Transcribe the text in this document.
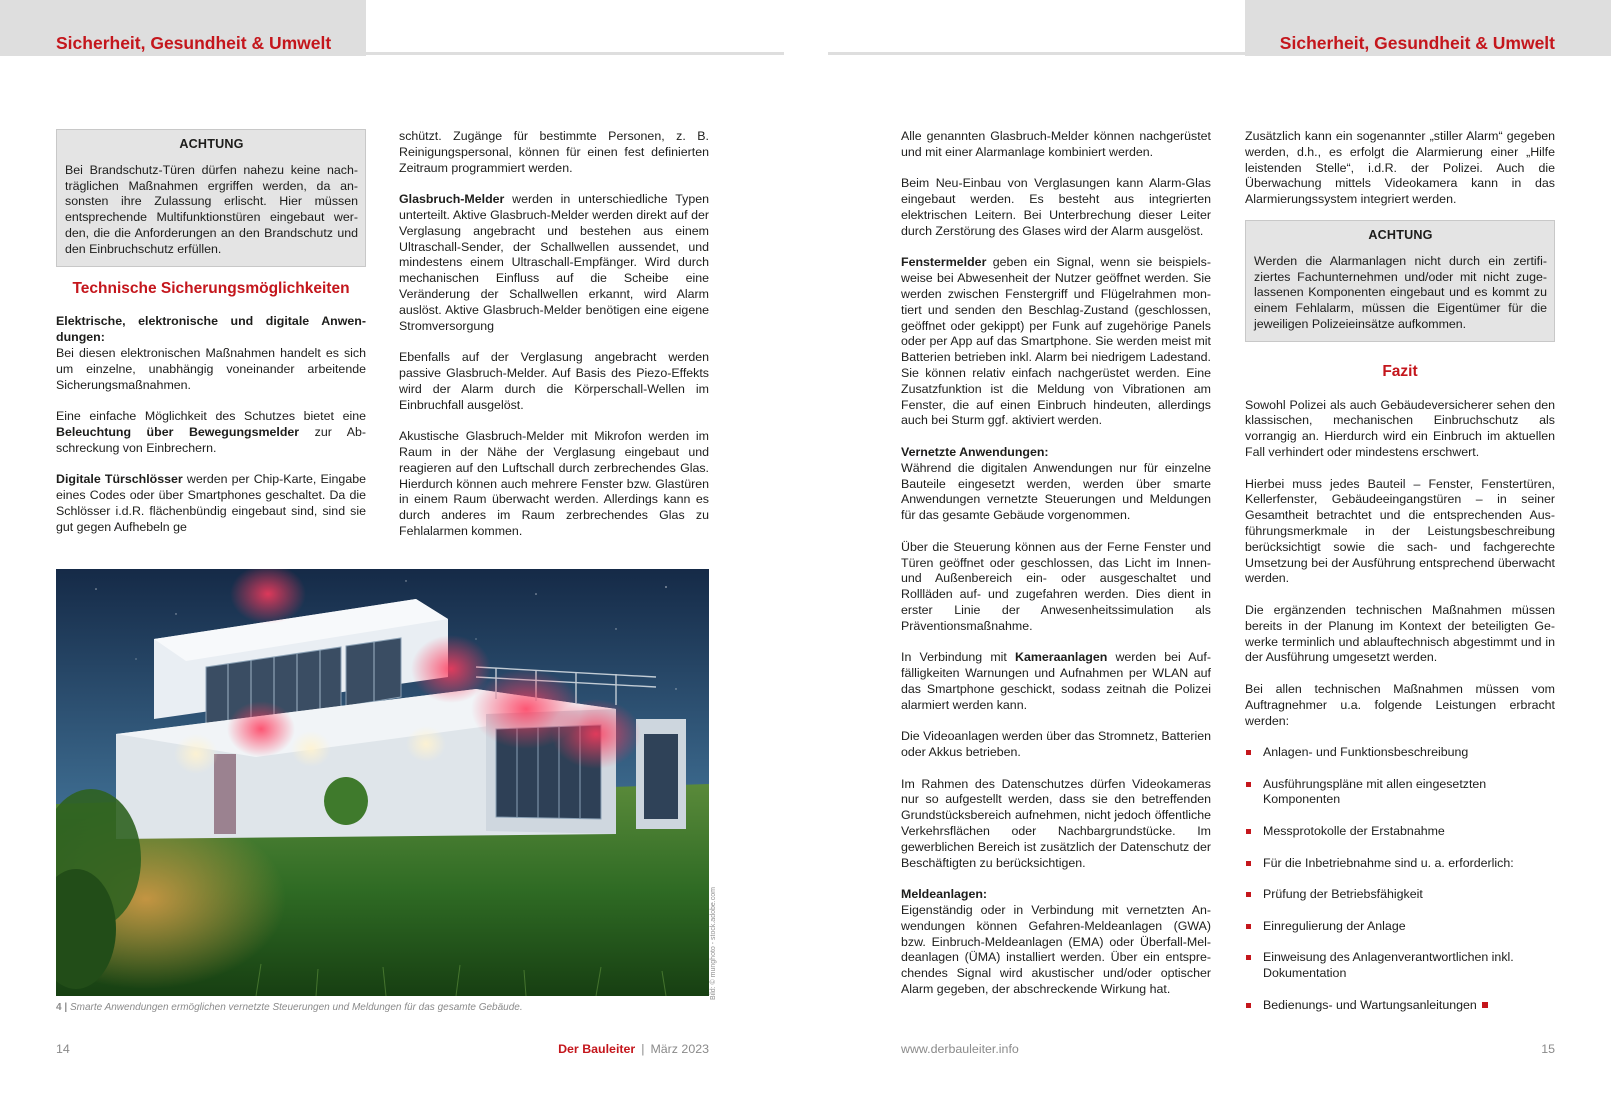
Sicherheit, Gesundheit & Umwelt
ACHTUNG
Bei Brandschutz-Türen dürfen nahezu keine nachträglichen Maßnahmen ergriffen werden, da ansonsten ihre Zulassung erlischt. Hier müssen entsprechende Multifunktionstüren eingebaut werden, die die Anforderungen an den Brandschutz und den Einbruchschutz erfüllen.
Technische Sicherungsmöglichkeiten

Elektrische, elektronische und digitale Anwendungen:
Bei diesen elektronischen Maßnahmen handelt es sich um einzelne, unabhängig voneinander arbeitende Sicherungsmaßnahmen.

Eine einfache Möglichkeit des Schutzes bietet eine Beleuchtung über Bewegungsmelder zur Abschreckung von Einbrechern.

Digitale Türschlösser werden per Chip-Karte, Eingabe eines Codes oder über Smartphones geschaltet. Da die Schlösser i.d.R. flächenbündig eingebaut sind, sind sie gut gegen Aufhebeln ge

schützt. Zugänge für bestimmte Personen, z. B. Reinigungspersonal, können für einen fest definierten Zeitraum programmiert werden.

Glasbruch-Melder werden in unterschiedliche Typen unterteilt. Aktive Glasbruch-Melder werden direkt auf der Verglasung angebracht und bestehen aus einem Ultraschall-Sender, der Schallwellen aussendet, und mindestens einem Ultraschall-Empfänger. Wird durch mechanischen Einfluss auf die Scheibe eine Veränderung der Schallwellen erkannt, wird Alarm auslöst. Aktive Glasbruch-Melder benötigen eine eigene Stromversorgung

Ebenfalls auf der Verglasung angebracht werden passive Glasbruch-Melder. Auf Basis des Piezo-Effekts wird der Alarm durch die Körperschall-Wellen im Einbruchfall ausgelöst.

Akustische Glasbruch-Melder mit Mikrofon werden im Raum in der Nähe der Verglasung eingebaut und reagieren auf den Luftschall durch zerbrechendes Glas. Hierdurch können auch mehrere Fenster bzw. Glastüren in einem Raum überwacht werden. Allerdings kann es durch anderes im Raum zerbrechendes Glas zu Fehlalarmen kommen.

Bild: © munghoto - stock.adobe.com
4 | Smarte Anwendungen ermöglichen vernetzte Steuerungen und Meldungen für das gesamte Gebäude.
14	Der Bauleiter | März 2023
Sicherheit, Gesundheit & Umwelt

Alle genannten Glasbruch-Melder können nachgerüstet und mit einer Alarmanlage kombiniert werden.

Beim Neu-Einbau von Verglasungen kann Alarm-Glas eingebaut werden. Es besteht aus integrierten elektrischen Leitern. Bei Unterbrechung dieser Leiter durch Zerstörung des Glases wird der Alarm ausgelöst.

Fenstermelder geben ein Signal, wenn sie beispielsweise bei Abwesenheit der Nutzer geöffnet werden. Sie werden zwischen Fenstergriff und Flügelrahmen montiert und senden den Beschlag-Zustand (geschlossen, geöffnet oder gekippt) per Funk auf zugehörige Panels oder per App auf das Smartphone. Sie werden meist mit Batterien betrieben inkl. Alarm bei niedrigem Ladestand. Sie können relativ einfach nachgerüstet werden. Eine Zusatzfunktion ist die Meldung von Vibrationen am Fenster, die auf einen Einbruch hindeuten, allerdings auch bei Sturm ggf. aktiviert werden.

Vernetzte Anwendungen:
Während die digitalen Anwendungen nur für einzelne Bauteile eingesetzt werden, werden über smarte Anwendungen vernetzte Steuerungen und Meldungen für das gesamte Gebäude vorgenommen.

Über die Steuerung können aus der Ferne Fenster und Türen geöffnet oder geschlossen, das Licht im Innen- und Außenbereich ein- oder ausgeschaltet und Rollläden auf- und zugefahren werden. Dies dient in erster Linie der Anwesenheitssimulation als Präventionsmaßnahme.

In Verbindung mit Kameraanlagen werden bei Auffälligkeiten Warnungen und Aufnahmen per WLAN auf das Smartphone geschickt, sodass zeitnah die Polizei alarmiert werden kann.

Die Videoanlagen werden über das Stromnetz, Batterien oder Akkus betrieben.

Im Rahmen des Datenschutzes dürfen Videokameras nur so aufgestellt werden, dass sie den betreffenden Grundstücksbereich aufnehmen, nicht jedoch öffentliche Verkehrsflächen oder Nachbargrundstücke. Im gewerblichen Bereich ist zusätzlich der Datenschutz der Beschäftigten zu berücksichtigen.

Meldeanlagen:
Eigenständig oder in Verbindung mit vernetzten Anwendungen können Gefahren-Meldeanlagen (GWA) bzw. Einbruch-Meldeanlagen (EMA) oder Überfall-Meldeanlagen (ÜMA) installiert werden. Über ein entsprechendes Signal wird akustischer und/oder optischer Alarm gegeben, der abschreckende Wirkung hat.

Zusätzlich kann ein sogenannter „stiller Alarm“ gegeben werden, d.h., es erfolgt die Alarmierung einer „Hilfe leistenden Stelle“, i.d.R. der Polizei. Auch die Überwachung mittels Videokamera kann in das Alarmierungssystem integriert werden.

ACHTUNG
Werden die Alarmanlagen nicht durch ein zertifiziertes Fachunternehmen und/oder mit nicht zugelassenen Komponenten eingebaut und es kommt zu einem Fehlalarm, müssen die Eigentümer für die jeweiligen Polizeieinsätze aufkommen.
Fazit

Sowohl Polizei als auch Gebäudeversicherer sehen den klassischen, mechanischen Einbruchschutz als vorrangig an. Hierdurch wird ein Einbruch im aktuellen Fall verhindert oder mindestens erschwert.

Hierbei muss jedes Bauteil – Fenster, Fenstertüren, Kellerfenster, Gebäudeeingangstüren – in seiner Gesamtheit betrachtet und die entsprechenden Ausführungsmerkmale in der Leistungsbeschreibung berücksichtigt sowie die sach- und fachgerechte Umsetzung bei der Ausführung entsprechend überwacht werden.

Die ergänzenden technischen Maßnahmen müssen bereits in der Planung im Kontext der beteiligten Gewerke terminlich und ablauftechnisch abgestimmt und in der Ausführung umgesetzt werden.

Bei allen technischen Maßnahmen müssen vom Auftragnehmer u.a. folgende Leistungen erbracht werden:

Anlagen- und Funktionsbeschreibung
Ausführungspläne mit allen eingesetzten Komponenten
Messprotokolle der Erstabnahme
Für die Inbetriebnahme sind u. a. erforderlich:
Prüfung der Betriebsfähigkeit
Einregulierung der Anlage
Einweisung des Anlagenverantwortlichen inkl. Dokumentation
Bedienungs- und Wartungsanleitungen
www.derbauleiter.info	15
